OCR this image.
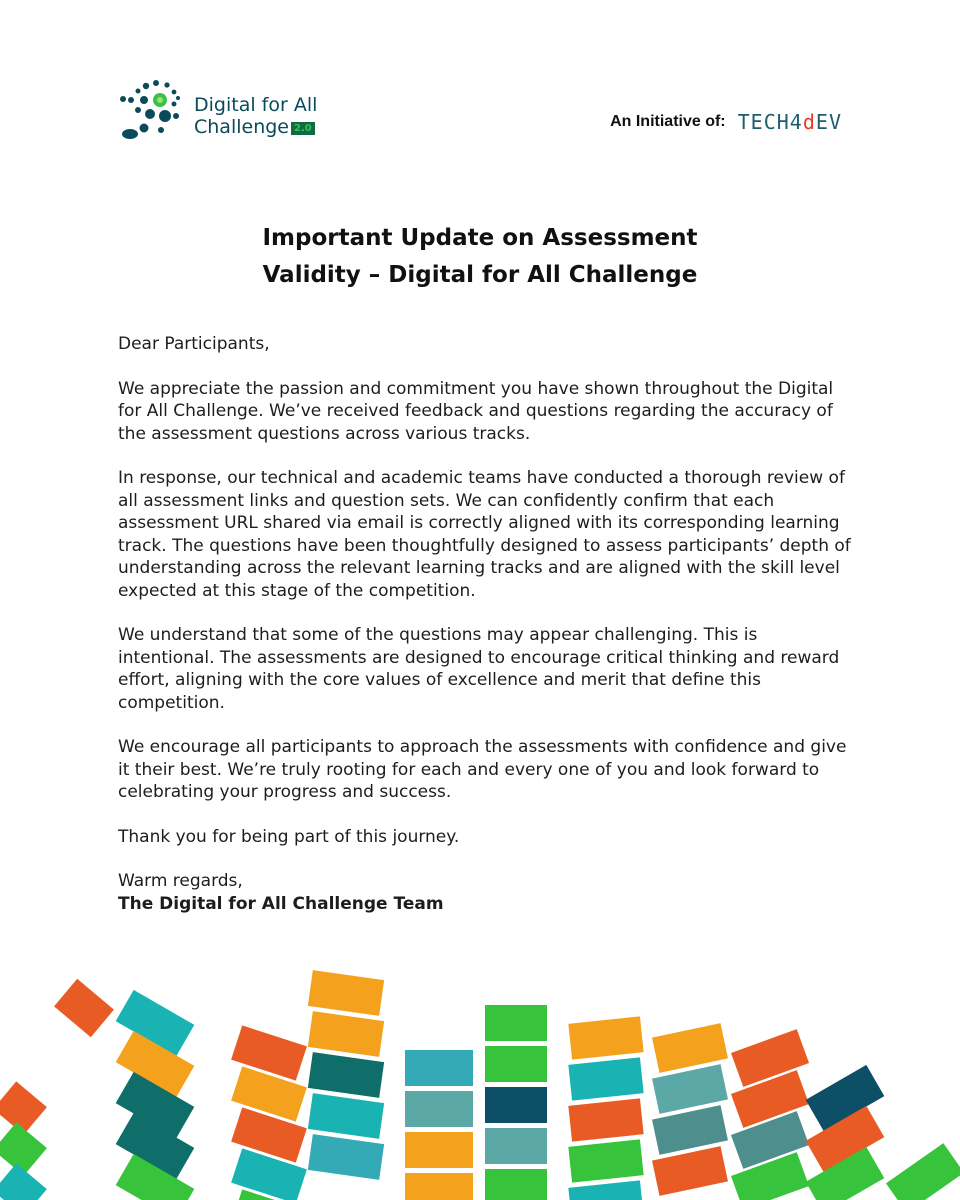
Digital for All
Challenge 2.0	An Initiative of: TECH4dEV
Important Update on Assessment
Validity – Digital for All Challenge

Dear Participants,

We appreciate the passion and commitment you have shown throughout the Digital for All Challenge. We’ve received feedback and questions regarding the accuracy of the assessment questions across various tracks.

In response, our technical and academic teams have conducted a thorough review of all assessment links and question sets. We can confidently confirm that each assessment URL shared via email is correctly aligned with its corresponding learning track. The questions have been thoughtfully designed to assess participants’ depth of understanding across the relevant learning tracks and are aligned with the skill level expected at this stage of the competition.

We understand that some of the questions may appear challenging. This is intentional. The assessments are designed to encourage critical thinking and reward effort, aligning with the core values of excellence and merit that define this competition.

We encourage all participants to approach the assessments with confidence and give it their best. We’re truly rooting for each and every one of you and look forward to celebrating your progress and success.

Thank you for being part of this journey.

Warm regards,

The Digital for All Challenge Team
